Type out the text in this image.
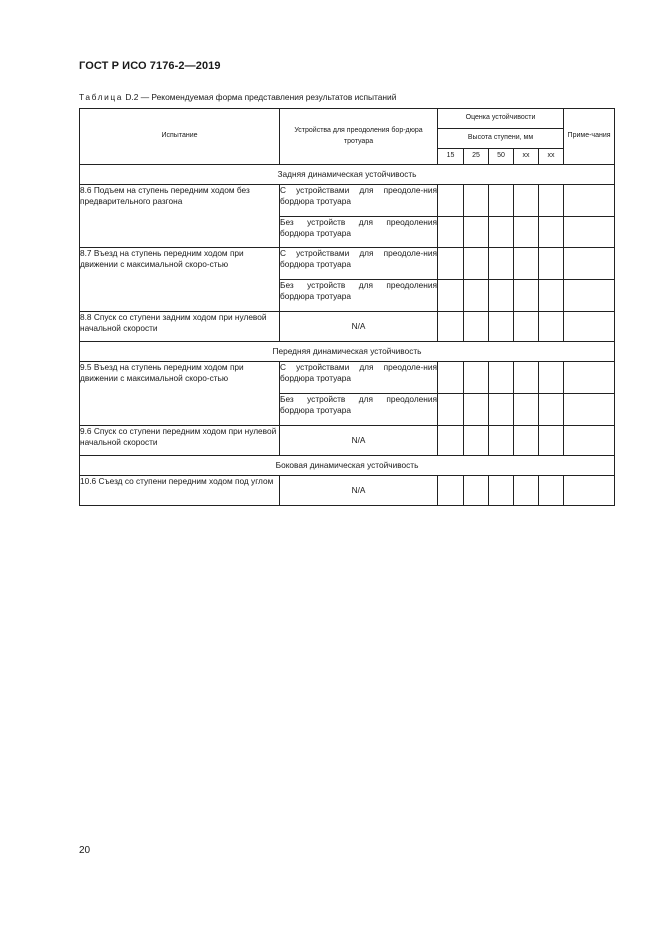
ГОСТ Р ИСО 7176-2—2019
Таблица D.2 — Рекомендуемая форма представления результатов испытаний
Испытание	Устройства для преодоления бор-дюра тротуара	Оценка устойчивости					Приме-чания
		Высота ступени, мм					
		15	25	50	хх	хх	
Задняя динамическая устойчивость							
8.6 Подъем на ступень передним ходом без предварительного разгона	С устройствами для преодоле-ния бордюра тротуара						
	Без устройств для преодоления бордюра тротуара						
8.7 Въезд на ступень передним ходом при движении с максимальной скоро-стью	С устройствами для преодоле-ния бордюра тротуара						
	Без устройств для преодоления бордюра тротуара						
8.8 Спуск со ступени задним ходом при нулевой начальной скорости	N/A						
Передняя динамическая устойчивость							
9.5 Въезд на ступень передним ходом при движении с максимальной скоро-стью	С устройствами для преодоле-ния бордюра тротуара						
	Без устройств для преодоления бордюра тротуара						
9.6 Спуск со ступени передним ходом при нулевой начальной скорости	N/A						
Боковая динамическая устойчивость							
10.6 Съезд со ступени передним ходом под углом	N/A						
20
